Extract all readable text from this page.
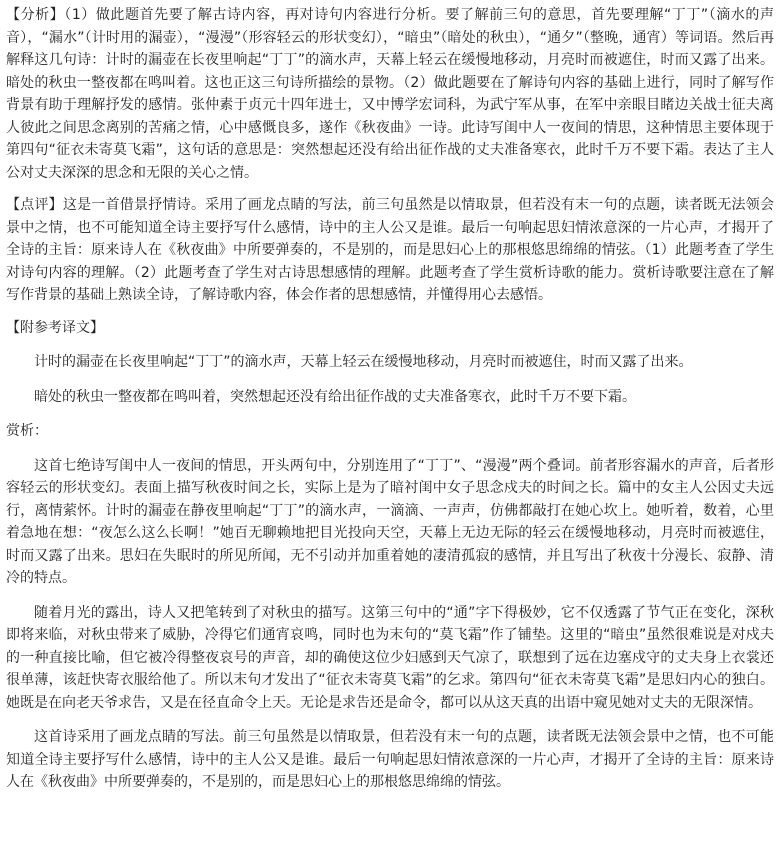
【分析】（1）做此题首先要了解古诗内容，再对诗句内容进行分析。要了解前三句的意思，首先要理解“丁丁”（滴水的声音），“漏水”（计时用的漏壶），“漫漫”（形容轻云的形状变幻），“暗虫”（暗处的秋虫），“通夕”（整晚，通宵）等词语。然后再解释这几句诗：计时的漏壶在长夜里响起“丁丁”的滴水声，天幕上轻云在缓慢地移动，月亮时而被遮住，时而又露了出来。暗处的秋虫一整夜都在鸣叫着。这也正这三句诗所描绘的景物。（2）做此题要在了解诗句内容的基础上进行，同时了解写作背景有助于理解抒发的感情。张仲素于贞元十四年进士，又中博学宏词科，为武宁军从事，在军中亲眼目睹边关战士征夫离人彼此之间思念离别的苦痛之情，心中感慨良多，遂作《秋夜曲》一诗。此诗写闺中人一夜间的情思，这种情思主要体现于第四句“征衣未寄莫飞霜”，这句话的意思是：突然想起还没有给出征作战的丈夫准备寒衣，此时千万不要下霜。表达了主人公对丈夫深深的思念和无限的关心之情。

【点评】这是一首借景抒情诗。采用了画龙点睛的写法，前三句虽然是以情取景，但若没有末一句的点题，读者既无法领会景中之情，也不可能知道全诗主要抒写什么感情，诗中的主人公又是谁。最后一句响起思妇情浓意深的一片心声，才揭开了全诗的主旨：原来诗人在《秋夜曲》中所要弹奏的，不是别的，而是思妇心上的那根悠思绵绵的情弦。（1）此题考查了学生对诗句内容的理解。（2）此题考查了学生对古诗思想感情的理解。此题考查了学生赏析诗歌的能力。赏析诗歌要注意在了解写作背景的基础上熟读全诗，了解诗歌内容，体会作者的思想感情，并懂得用心去感悟。

【附参考译文】

计时的漏壶在长夜里响起“丁丁”的滴水声，天幕上轻云在缓慢地移动，月亮时而被遮住，时而又露了出来。

暗处的秋虫一整夜都在鸣叫着，突然想起还没有给出征作战的丈夫准备寒衣，此时千万不要下霜。

赏析：

这首七绝诗写闺中人一夜间的情思，开头两句中，分别连用了“丁丁”、“漫漫”两个叠词。前者形容漏水的声音，后者形容轻云的形状变幻。表面上描写秋夜时间之长，实际上是为了暗衬闺中女子思念戍夫的时间之长。篇中的女主人公因丈夫远行，离情萦怀。计时的漏壶在静夜里响起“丁丁”的滴水声，一滴滴、一声声，仿佛都敲打在她心坎上。她听着，数着，心里着急地在想：“夜怎么这么长啊！”她百无聊赖地把目光投向天空，天幕上无边无际的轻云在缓慢地移动，月亮时而被遮住，时而又露了出来。思妇在失眠时的所见所闻，无不引动并加重着她的凄清孤寂的感情，并且写出了秋夜十分漫长、寂静、清冷的特点。

随着月光的露出，诗人又把笔转到了对秋虫的描写。这第三句中的“通”字下得极妙，它不仅透露了节气正在变化，深秋即将来临，对秋虫带来了威胁，冷得它们通宵哀鸣，同时也为末句的“莫飞霜”作了铺垫。这里的“暗虫”虽然很难说是对戍夫的一种直接比喻，但它被冷得整夜哀号的声音，却的确使这位少妇感到天气凉了，联想到了远在边塞戍守的丈夫身上衣裳还很单薄，该赶快寄衣服给他了。所以末句才发出了“征衣未寄莫飞霜”的乞求。第四句“征衣未寄莫飞霜”是思妇内心的独白。她既是在向老天爷求告，又是在径直命令上天。无论是求告还是命令，都可以从这天真的出语中窥见她对丈夫的无限深情。

这首诗采用了画龙点睛的写法。前三句虽然是以情取景，但若没有末一句的点题，读者既无法领会景中之情，也不可能知道全诗主要抒写什么感情，诗中的主人公又是谁。最后一句响起思妇情浓意深的一片心声，才揭开了全诗的主旨：原来诗人在《秋夜曲》中所要弹奏的，不是别的，而是思妇心上的那根悠思绵绵的情弦。
